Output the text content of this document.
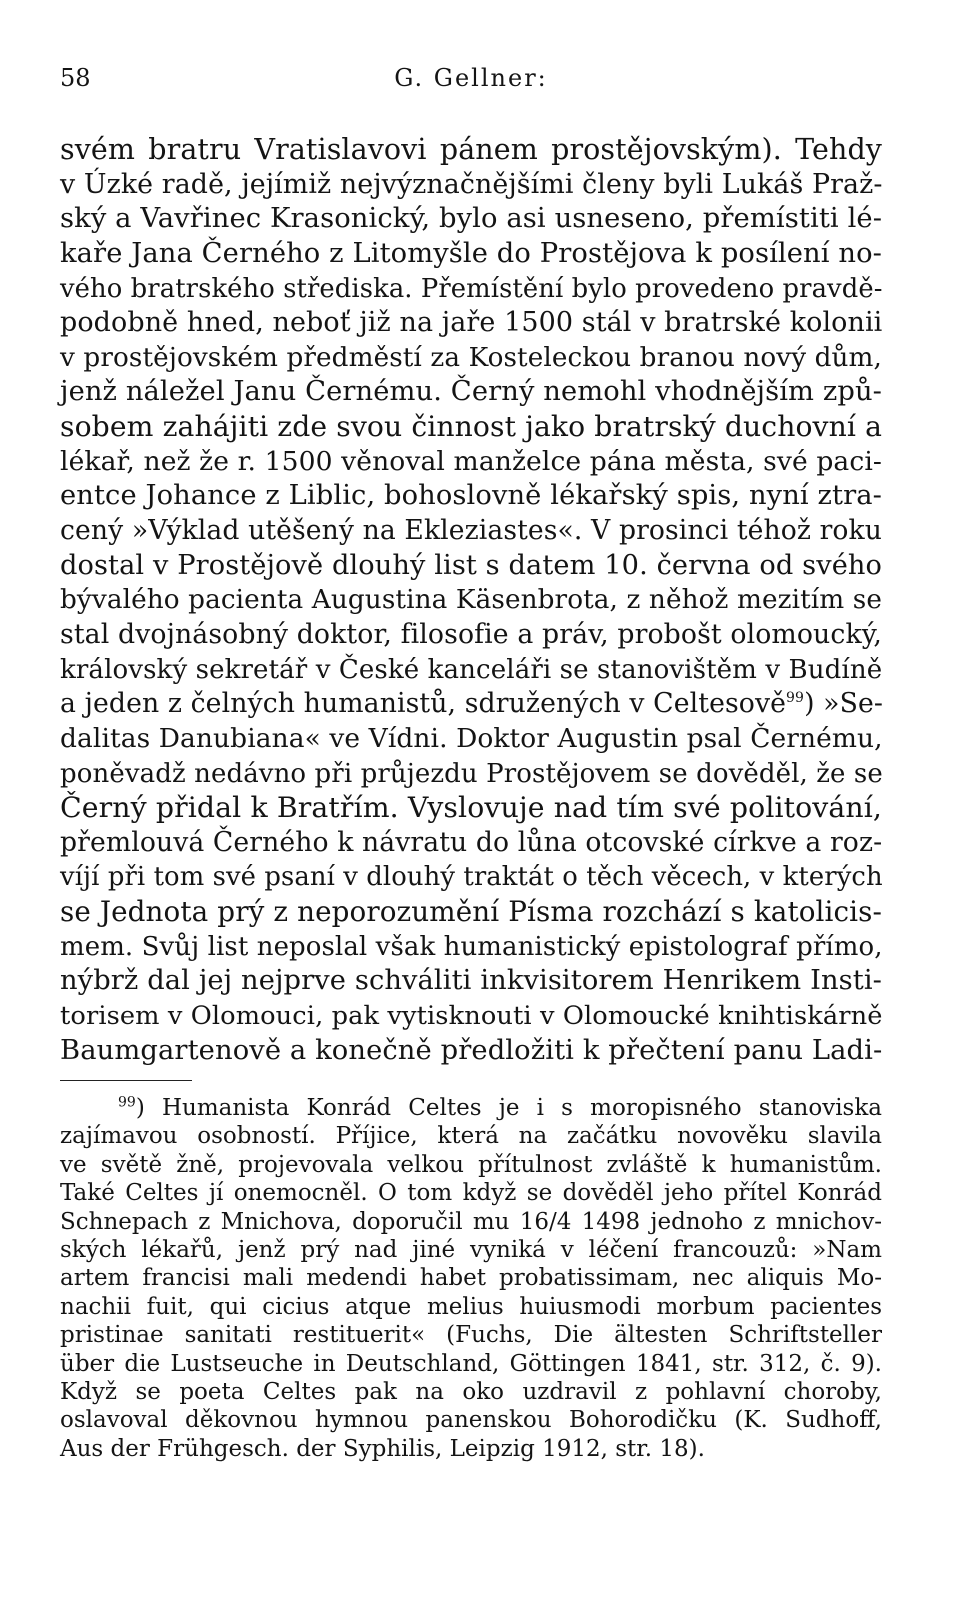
58	G. Gellner:
svém bratru Vratislavovi pánem prostějovským). Tehdy
v Úzké radě, jejímiž nejvýznačnějšími členy byli Lukáš Praž-
ský a Vavřinec Krasonický, bylo asi usneseno, přemístiti lé-
kaře Jana Černého z Litomyšle do Prostějova k posílení no-
vého bratrského střediska. Přemístění bylo provedeno pravdě-
podobně hned, neboť již na jaře 1500 stál v bratrské kolonii
v prostějovském předměstí za Kosteleckou branou nový dům,
jenž náležel Janu Černému. Černý nemohl vhodnějším způ-
sobem zahájiti zde svou činnost jako bratrský duchovní a
lékař, než že r. 1500 věnoval manželce pána města, své paci-
entce Johance z Liblic, bohoslovně lékařský spis, nyní ztra-
cený »Výklad utěšený na Ekleziastes«. V prosinci téhož roku
dostal v Prostějově dlouhý list s datem 10. června od svého
bývalého pacienta Augustina Käsenbrota, z něhož mezitím se
stal dvojnásobný doktor, filosofie a práv, probošt olomoucký,
královský sekretář v České kanceláři se stanovištěm v Budíně
a jeden z čelných humanistů, sdružených v Celtesově$^{99}$) »Se-
dalitas Danubiana« ve Vídni. Doktor Augustin psal Černému,
poněvadž nedávno při průjezdu Prostějovem se dověděl, že se
Černý přidal k Bratřím. Vyslovuje nad tím své politování,
přemlouvá Černého k návratu do lůna otcovské církve a roz-
víjí při tom své psaní v dlouhý traktát o těch věcech, v kterých
se Jednota prý z neporozumění Písma rozchází s katolicis-
mem. Svůj list neposlal však humanistický epistolograf přímo,
nýbrž dal jej nejprve schváliti inkvisitorem Henrikem Insti-
torisem v Olomouci, pak vytisknouti v Olomoucké knihtiskárně
Baumgartenově a konečně předložiti k přečtení panu Ladi-
$^{99}$) Humanista Konrád Celtes je i s moropisného stanoviska
zajímavou osobností. Příjice, která na začátku novověku slavila
ve světě žně, projevovala velkou přítulnost zvláště k humanistům.
Také Celtes jí onemocněl. O tom když se dověděl jeho přítel Konrád
Schnepach z Mnichova, doporučil mu 16/4 1498 jednoho z mnichov-
ských lékařů, jenž prý nad jiné vyniká v léčení francouzů: »Nam
artem francisi mali medendi habet probatissimam, nec aliquis Mo-
nachii fuit, qui cicius atque melius huiusmodi morbum pacientes
pristinae sanitati restituerit« (Fuchs, Die ältesten Schriftsteller
über die Lustseuche in Deutschland, Göttingen 1841, str. 312, č. 9).
Když se poeta Celtes pak na oko uzdravil z pohlavní choroby,
oslavoval děkovnou hymnou panenskou Bohorodičku (K. Sudhoff,
Aus der Frühgesch. der Syphilis, Leipzig 1912, str. 18).
